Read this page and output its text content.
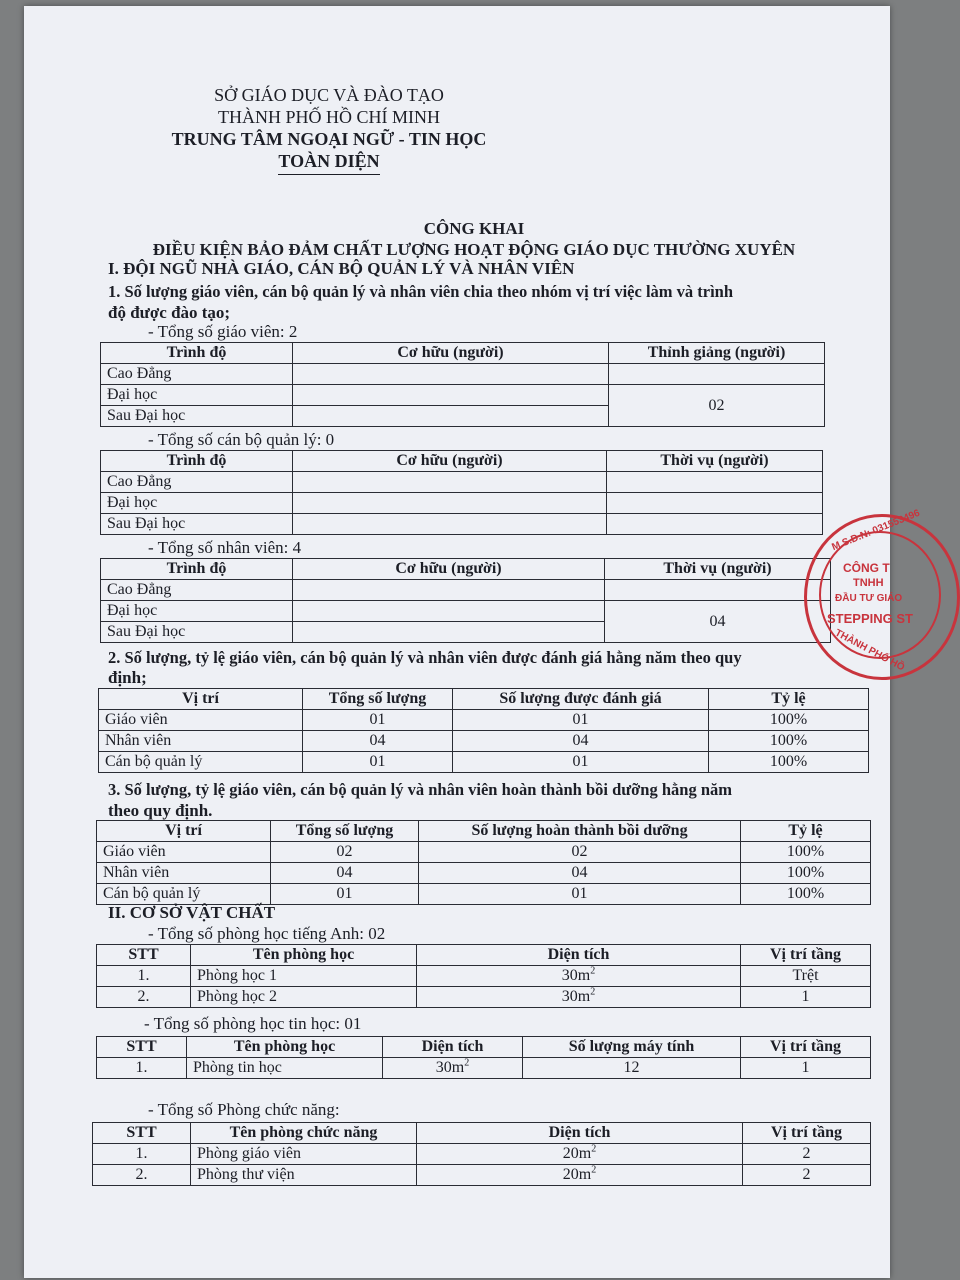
SỞ GIÁO DỤC VÀ ĐÀO TẠO
THÀNH PHỐ HỒ CHÍ MINH
TRUNG TÂM NGOẠI NGỮ - TIN HỌC
TOÀN DIỆN
CÔNG KHAI
ĐIỀU KIỆN BẢO ĐẢM CHẤT LƯỢNG HOẠT ĐỘNG GIÁO DỤC THƯỜNG XUYÊN
I. ĐỘI NGŨ NHÀ GIÁO, CÁN BỘ QUẢN LÝ VÀ NHÂN VIÊN
1. Số lượng giáo viên, cán bộ quản lý và nhân viên chia theo nhóm vị trí việc làm và trình
độ được đào tạo;
- Tổng số giáo viên: 2
Trình độ	Cơ hữu (người)	Thỉnh giảng (người)
Cao Đẳng		
Đại học		02
Sau Đại học		
- Tổng số cán bộ quản lý: 0
Trình độ	Cơ hữu (người)	Thời vụ (người)
Cao Đẳng		
Đại học		
Sau Đại học		
- Tổng số nhân viên: 4
Trình độ	Cơ hữu (người)	Thời vụ (người)
Cao Đẳng		
Đại học		04
Sau Đại học		
2. Số lượng, tỷ lệ giáo viên, cán bộ quản lý và nhân viên được đánh giá hằng năm theo quy
định;
Vị trí	Tổng số lượng	Số lượng được đánh giá	Tỷ lệ
Giáo viên	01	01	100%
Nhân viên	04	04	100%
Cán bộ quản lý	01	01	100%
3. Số lượng, tỷ lệ giáo viên, cán bộ quản lý và nhân viên hoàn thành bồi dưỡng hằng năm
theo quy định.
Vị trí	Tổng số lượng	Số lượng hoàn thành bồi dưỡng	Tỷ lệ
Giáo viên	02	02	100%
Nhân viên	04	04	100%
Cán bộ quản lý	01	01	100%
II. CƠ SỞ VẬT CHẤT
- Tổng số phòng học tiếng Anh: 02
STT	Tên phòng học	Diện tích	Vị trí tầng
1.	Phòng học 1	$30m^2$	Trệt
2.	Phòng học 2	$30m^2$	1
- Tổng số phòng học tin học: 01
STT	Tên phòng học	Diện tích	Số lượng máy tính	Vị trí tầng
1.	Phòng tin học	$30m^2$	12	1
- Tổng số Phòng chức năng:
STT	Tên phòng chức năng	Diện tích	Vị trí tầng
1.	Phòng giáo viên	$20m^2$	2
2.	Phòng thư viện	$20m^2$	2
M.S.D.N: 031553496
CÔNG T
TNHH
ĐẦU TƯ GIÁO
STEPPING ST
THÀNH PHỐ HỒ
